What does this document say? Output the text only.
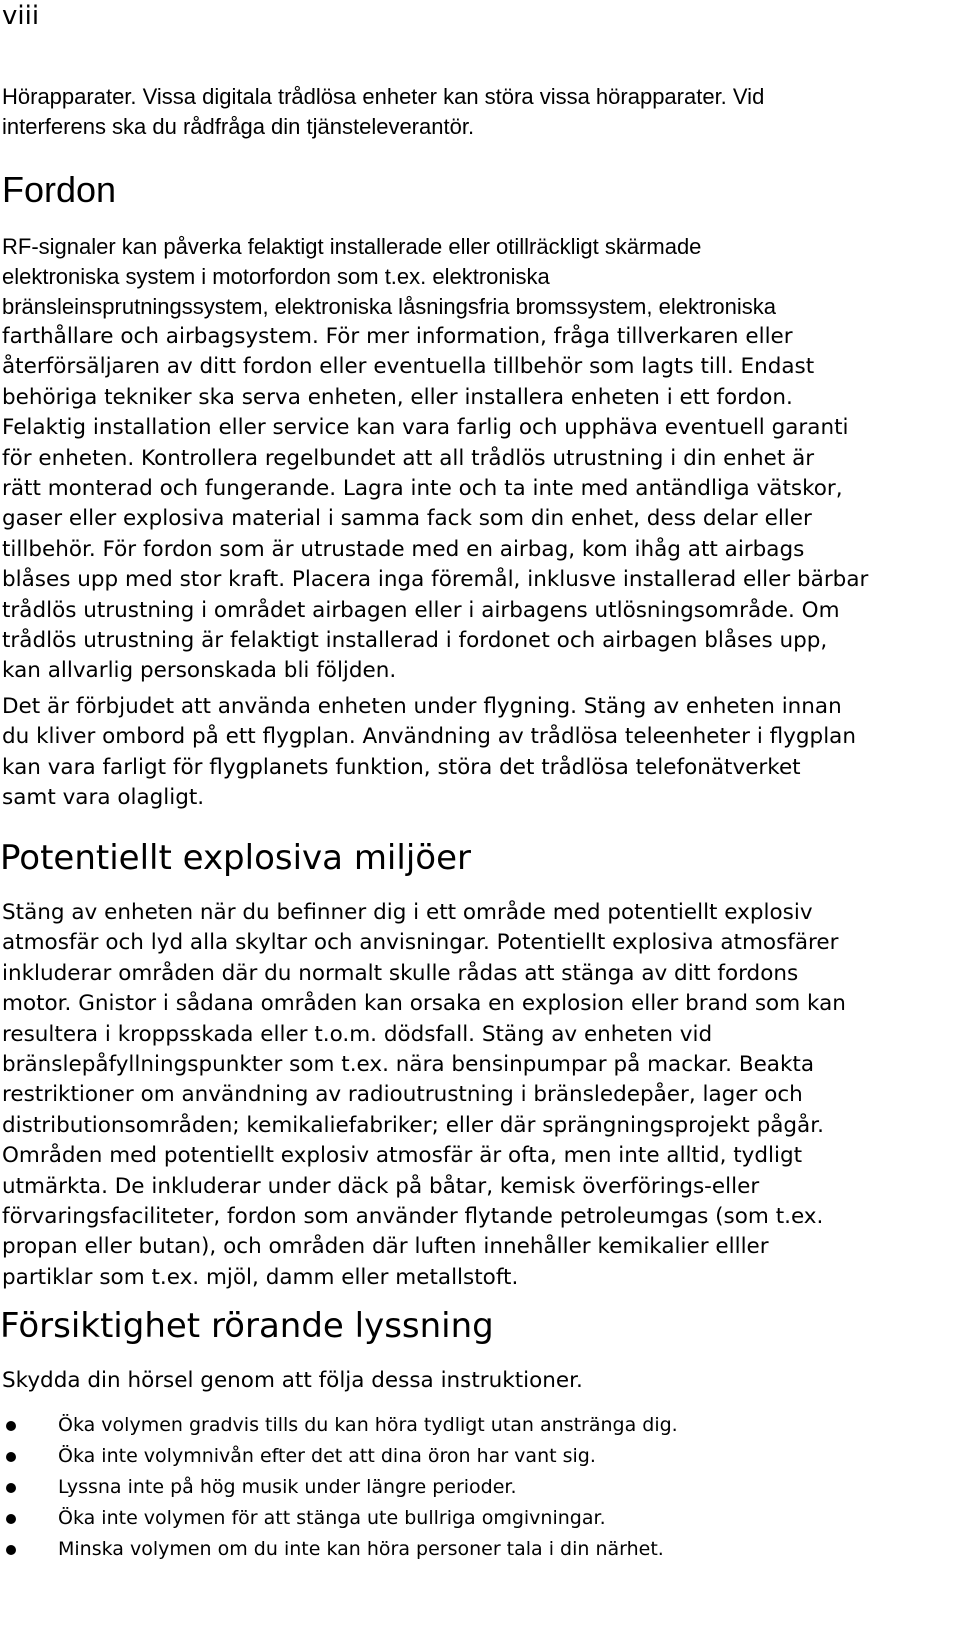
viii

Hörapparater. Vissa digitala trådlösa enheter kan störa vissa hörapparater. Vid
interferens ska du rådfråga din tjänsteleverantör.

Fordon

RF-signaler kan påverka felaktigt installerade eller otillräckligt skärmade
elektroniska system i motorfordon som t.ex. elektroniska
bränsleinsprutningssystem, elektroniska låsningsfria bromssystem, elektroniska
farthållare och airbagsystem. För mer information, fråga tillverkaren eller
återförsäljaren av ditt fordon eller eventuella tillbehör som lagts till. Endast
behöriga tekniker ska serva enheten, eller installera enheten i ett fordon.
Felaktig installation eller service kan vara farlig och upphäva eventuell garanti
för enheten. Kontrollera regelbundet att all trådlös utrustning i din enhet är
rätt monterad och fungerande. Lagra inte och ta inte med antändliga vätskor,
gaser eller explosiva material i samma fack som din enhet, dess delar eller
tillbehör. För fordon som är utrustade med en airbag, kom ihåg att airbags
blåses upp med stor kraft. Placera inga föremål, inklusve installerad eller bärbar
trådlös utrustning i området airbagen eller i airbagens utlösningsområde. Om
trådlös utrustning är felaktigt installerad i fordonet och airbagen blåses upp,
kan allvarlig personskada bli följden.

Det är förbjudet att använda enheten under flygning. Stäng av enheten innan
du kliver ombord på ett flygplan. Användning av trådlösa teleenheter i flygplan
kan vara farligt för flygplanets funktion, störa det trådlösa telefonätverket
samt vara olagligt.

Potentiellt explosiva miljöer

Stäng av enheten när du befinner dig i ett område med potentiellt explosiv
atmosfär och lyd alla skyltar och anvisningar. Potentiellt explosiva atmosfärer
inkluderar områden där du normalt skulle rådas att stänga av ditt fordons
motor. Gnistor i sådana områden kan orsaka en explosion eller brand som kan
resultera i kroppsskada eller t.o.m. dödsfall. Stäng av enheten vid
bränslepåfyllningspunkter som t.ex. nära bensinpumpar på mackar. Beakta
restriktioner om användning av radioutrustning i bränsledepåer, lager och
distributionsområden; kemikaliefabriker; eller där sprängningsprojekt pågår.
Områden med potentiellt explosiv atmosfär är ofta, men inte alltid, tydligt
utmärkta. De inkluderar under däck på båtar, kemisk överförings-eller
förvaringsfaciliteter, fordon som använder flytande petroleumgas (som t.ex.
propan eller butan), och områden där luften innehåller kemikalier elller
partiklar som t.ex. mjöl, damm eller metallstoft.

Försiktighet rörande lyssning

Skydda din hörsel genom att följa dessa instruktioner.

Öka volymen gradvis tills du kan höra tydligt utan anstränga dig.
Öka inte volymnivån efter det att dina öron har vant sig.
Lyssna inte på hög musik under längre perioder.
Öka inte volymen för att stänga ute bullriga omgivningar.
Minska volymen om du inte kan höra personer tala i din närhet.
